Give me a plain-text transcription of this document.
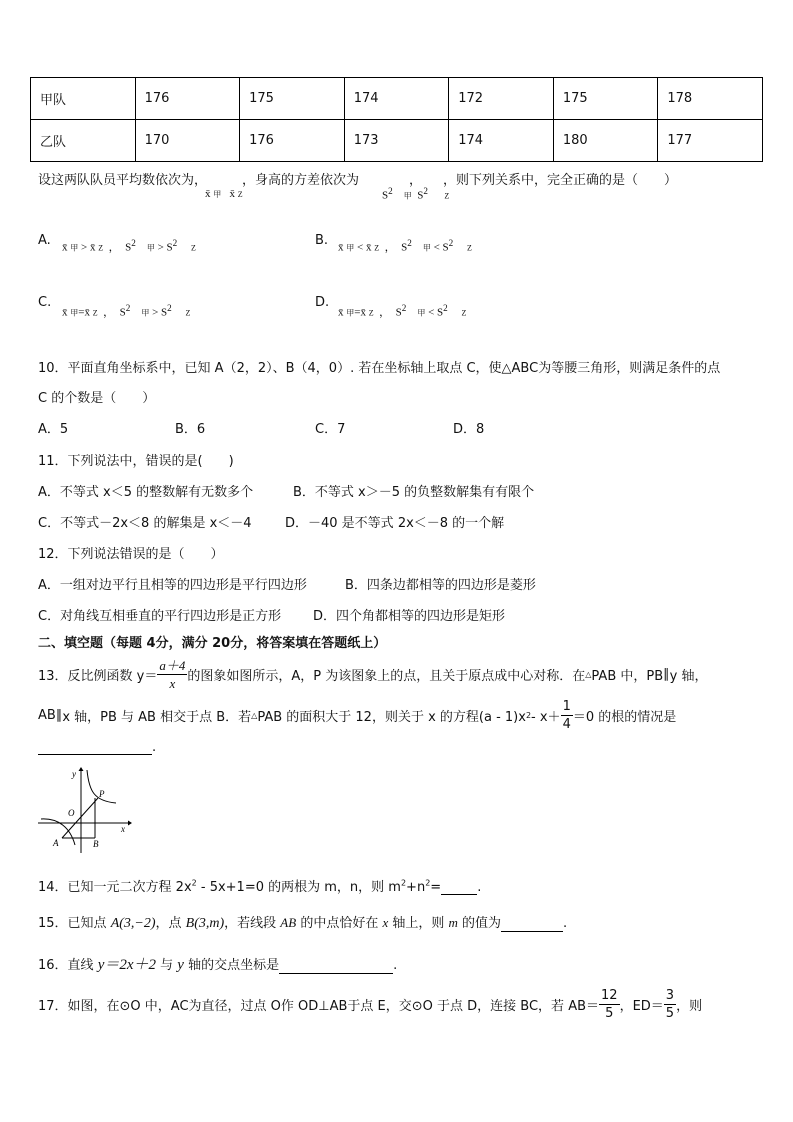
甲队	176	175	174	172	175	178
乙队	170	176	173	174	180	177
设这两队队员平均数依次为，	，身高的方差依次为	， ，则下列关系中，完全正确的是（　　）
x̄ 甲   x̄ Z	$S^2$    甲  $S^2$      Z
A. x̄ 甲 > x̄ Z  ，  $S^2$    甲 > $S^2$     Z
B. x̄ 甲 < x̄ Z  ，  $S^2$    甲 < $S^2$     Z
C.
x̄ 甲=x̄ Z  ，  $S^2$    甲 > $S^2$     Z
D.
x̄ 甲=x̄ Z  ，  $S^2$    甲 < $S^2$     Z
10．平面直角坐标系中，已知 A（2，2）、B（4，0）. 若在坐标轴上取点 C，使△ABC为等腰三角形，则满足条件的点
C 的个数是（　　）
A．5	B．6	C．7	D．8
11．下列说法中，错误的是(　　)
A．不等式 x＜5 的整数解有无数多个	B．不等式 x＞－5 的负整数解集有有限个
C．不等式－2x＜8 的解集是 x＜－4	D．－40 是不等式 2x＜－8 的一个解
12．下列说法错误的是（　　）
A．一组对边平行且相等的四边形是平行四边形	B．四条边都相等的四边形是菱形
C．对角线互相垂直的平行四边形是正方形 D．四个角都相等的四边形是矩形
二、填空题（每题 4分，满分 20分，将答案填在答题纸上）
13．反比例函数 $y= \frac{a+4}{x}$ 的图象如图所示，A，P 为该图象上的点，且关于原点成中心对称．在 △ PAB 中，PB ∥ y 轴，
AB ∥ x 轴，PB 与 AB 相交于点 B．若 △ PAB 的面积大于 12，则关于 x 的方程(a - 1)x $2 - x+ \frac{1}{4} =0$ 的根的情况是
.
y
x
O
P
A	B
14．已知一元二次方程 $2x^2 - 5x+1=0$ 的两根为 m，n，则 $m^2+n^2=$	.
15．已知点 A(3,−2)，点 B(3,m)，若线段 AB 的中点恰好在 x 轴上，则 m 的值为	.
16．直线 y＝2x＋2 与 y 轴的交点坐标是	.
17．如图，在⊙O 中，AC为直径，过点 O作 OD⊥AB于点 E，交⊙O 于点 D，连接 BC，若 $AB= \frac{12}{5}$ ，$ED= \frac{3}{5}$ ，则
